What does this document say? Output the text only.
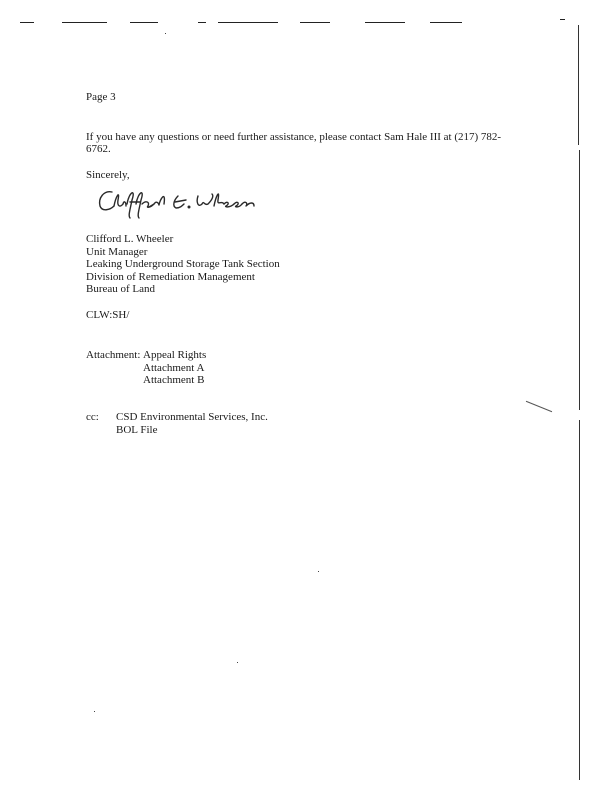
Page 3
If you have any questions or need further assistance, please contact Sam Hale III at (217) 782-6762.
Sincerely,
Clifford L. Wheeler
Unit Manager
Leaking Underground Storage Tank Section
Division of Remediation Management
Bureau of Land
CLW:SH/
Attachment: Appeal Rights
Attachment A
Attachment B
cc: CSD Environmental Services, Inc.
BOL File
